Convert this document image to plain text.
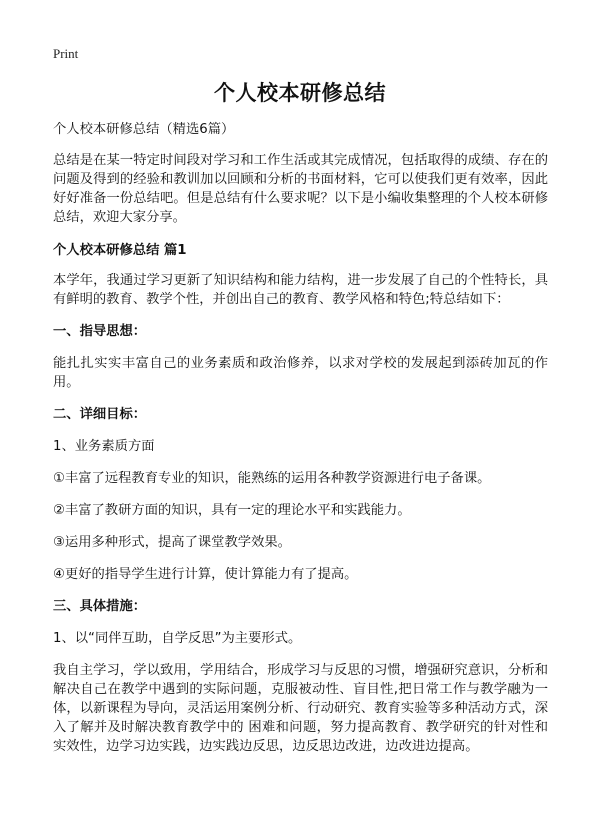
Print
个人校本研修总结

个人校本研修总结（精选6篇）

总结是在某一特定时间段对学习和工作生活或其完成情况，包括取得的成绩、存在的问题及得到的经验和教训加以回顾和分析的书面材料，它可以使我们更有效率，因此好好准备一份总结吧。但是总结有什么要求呢？以下是小编收集整理的个人校本研修总结，欢迎大家分享。

个人校本研修总结 篇1

本学年，我通过学习更新了知识结构和能力结构，进一步发展了自己的个性特长，具有鲜明的教育、教学个性，并创出自己的教育、教学风格和特色;特总结如下：

一、指导思想：

能扎扎实实丰富自己的业务素质和政治修养，以求对学校的发展起到添砖加瓦的作用。

二、详细目标：

1、业务素质方面

①丰富了远程教育专业的知识，能熟练的运用各种教学资源进行电子备课。

②丰富了教研方面的知识，具有一定的理论水平和实践能力。

③运用多种形式，提高了课堂教学效果。

④更好的指导学生进行计算，使计算能力有了提高。

三、具体措施：

1、以“同伴互助，自学反思”为主要形式。

我自主学习，学以致用，学用结合，形成学习与反思的习惯，增强研究意识，分析和解决自己在教学中遇到的实际问题，克服被动性、盲目性,把日常工作与教学融为一体，以新课程为导向，灵活运用案例分析、行动研究、教育实验等多种活动方式，深入了解并及时解决教育教学中的 困难和问题，努力提高教育、教学研究的针对性和实效性，边学习边实践，边实践边反思，边反思边改进，边改进边提高。
